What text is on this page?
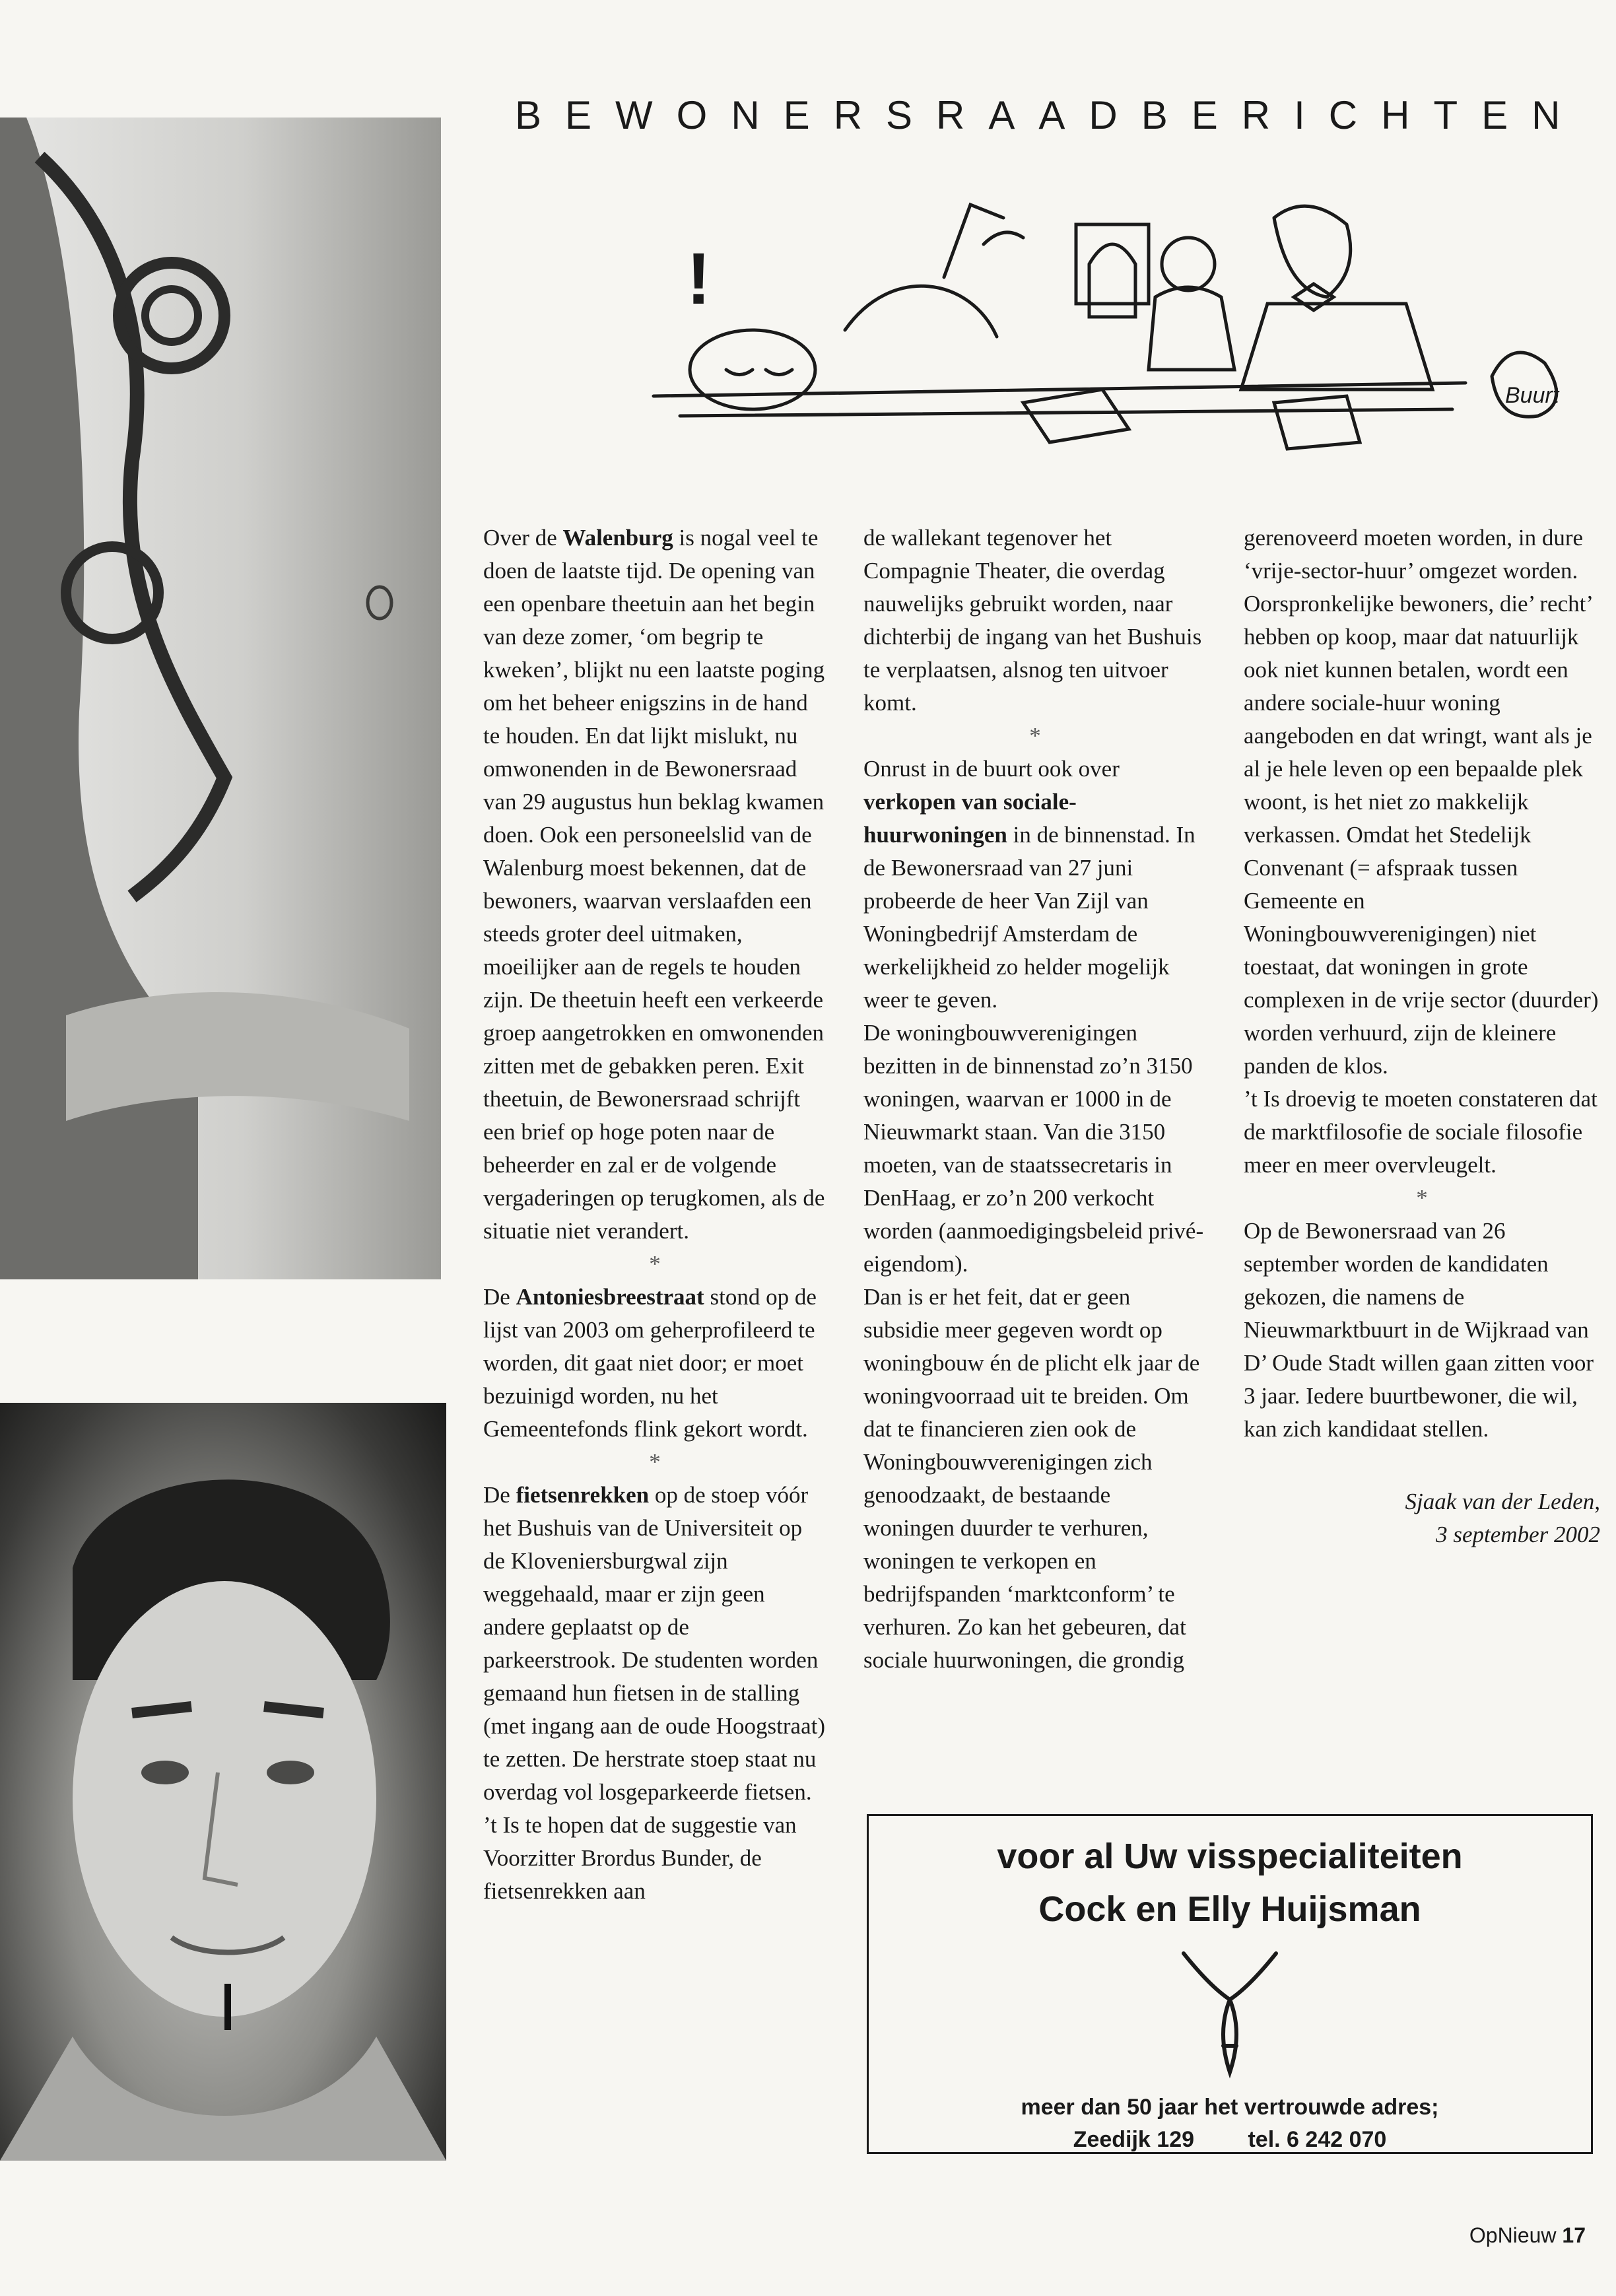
BEWONERSRAADBERICHTEN
!
Buurt

Over de Walenburg is nogal veel te doen de laatste tijd. De opening van een openbare theetuin aan het begin van deze zomer, ‘om begrip te kweken’, blijkt nu een laatste poging om het beheer enigszins in de hand te houden. En dat lijkt mislukt, nu omwonenden in de Bewonersraad van 29 augustus hun beklag kwamen doen. Ook een personeelslid van de Walenburg moest bekennen, dat de bewoners, waarvan verslaafden een steeds groter deel uitmaken, moeilijker aan de regels te houden zijn. De theetuin heeft een verkeerde groep aangetrokken en omwonenden zitten met de gebakken peren. Exit theetuin, de Bewonersraad schrijft een brief op hoge poten naar de beheerder en zal er de volgende vergaderingen op terugkomen, als de situatie niet verandert.

*

De Antoniesbreestraat stond op de lijst van 2003 om geherprofileerd te worden, dit gaat niet door; er moet bezuinigd worden, nu het Gemeentefonds flink gekort wordt.

*

De fietsenrekken op de stoep vóór het Bushuis van de Universiteit op de Kloveniersburgwal zijn weggehaald, maar er zijn geen andere geplaatst op de parkeerstrook. De studenten worden gemaand hun fietsen in de stalling (met ingang aan de oude Hoogstraat) te zetten. De herstrate stoep staat nu overdag vol losgeparkeerde fietsen. ’t Is te hopen dat de suggestie van Voorzitter Brordus Bunder, de fietsenrekken aan

de wallekant tegenover het Compagnie Theater, die overdag nauwelijks gebruikt worden, naar dichterbij de ingang van het Bushuis te verplaatsen, alsnog ten uitvoer komt.

*

Onrust in de buurt ook over verkopen van sociale-huurwoningen in de binnenstad. In de Bewonersraad van 27 juni probeerde de heer Van Zijl van Woningbedrijf Amsterdam de werkelijkheid zo helder mogelijk weer te geven.

De woningbouwverenigingen bezitten in de binnenstad zo’n 3150 woningen, waarvan er 1000 in de Nieuwmarkt staan. Van die 3150 moeten, van de staatssecretaris in DenHaag, er zo’n 200 verkocht worden (aanmoedigingsbeleid privé-eigendom).

Dan is er het feit, dat er geen subsidie meer gegeven wordt op woningbouw én de plicht elk jaar de woningvoorraad uit te breiden. Om dat te financieren zien ook de Woningbouwverenigingen zich genoodzaakt, de bestaande woningen duurder te verhuren, woningen te verkopen en bedrijfspanden ‘marktconform’ te verhuren. Zo kan het gebeuren, dat sociale huurwoningen, die grondig

gerenoveerd moeten worden, in dure ‘vrije-sector-huur’ omgezet worden. Oorspronkelijke bewoners, die’ recht’ hebben op koop, maar dat natuurlijk ook niet kunnen betalen, wordt een andere sociale-huur woning aangeboden en dat wringt, want als je al je hele leven op een bepaalde plek woont, is het niet zo makkelijk verkassen. Omdat het Stedelijk Convenant (= afspraak tussen Gemeente en Woningbouwverenigingen) niet toestaat, dat woningen in grote complexen in de vrije sector (duurder) worden verhuurd, zijn de kleinere panden de klos.

’t Is droevig te moeten constateren dat de marktfilosofie de sociale filosofie meer en meer overvleugelt.

*

Op de Bewonersraad van 26 september worden de kandidaten gekozen, die namens de Nieuwmarktbuurt in de Wijkraad van D’ Oude Stadt willen gaan zitten voor 3 jaar. Iedere buurtbewoner, die wil, kan zich kandidaat stellen.

Sjaak van der Leden,
3 september 2002
voor al Uw visspecialiteiten
Cock en Elly Huijsman
meer dan 50 jaar het vertrouwde adres;
Zeedijk 129 tel. 6 242 070
OpNieuw 17
